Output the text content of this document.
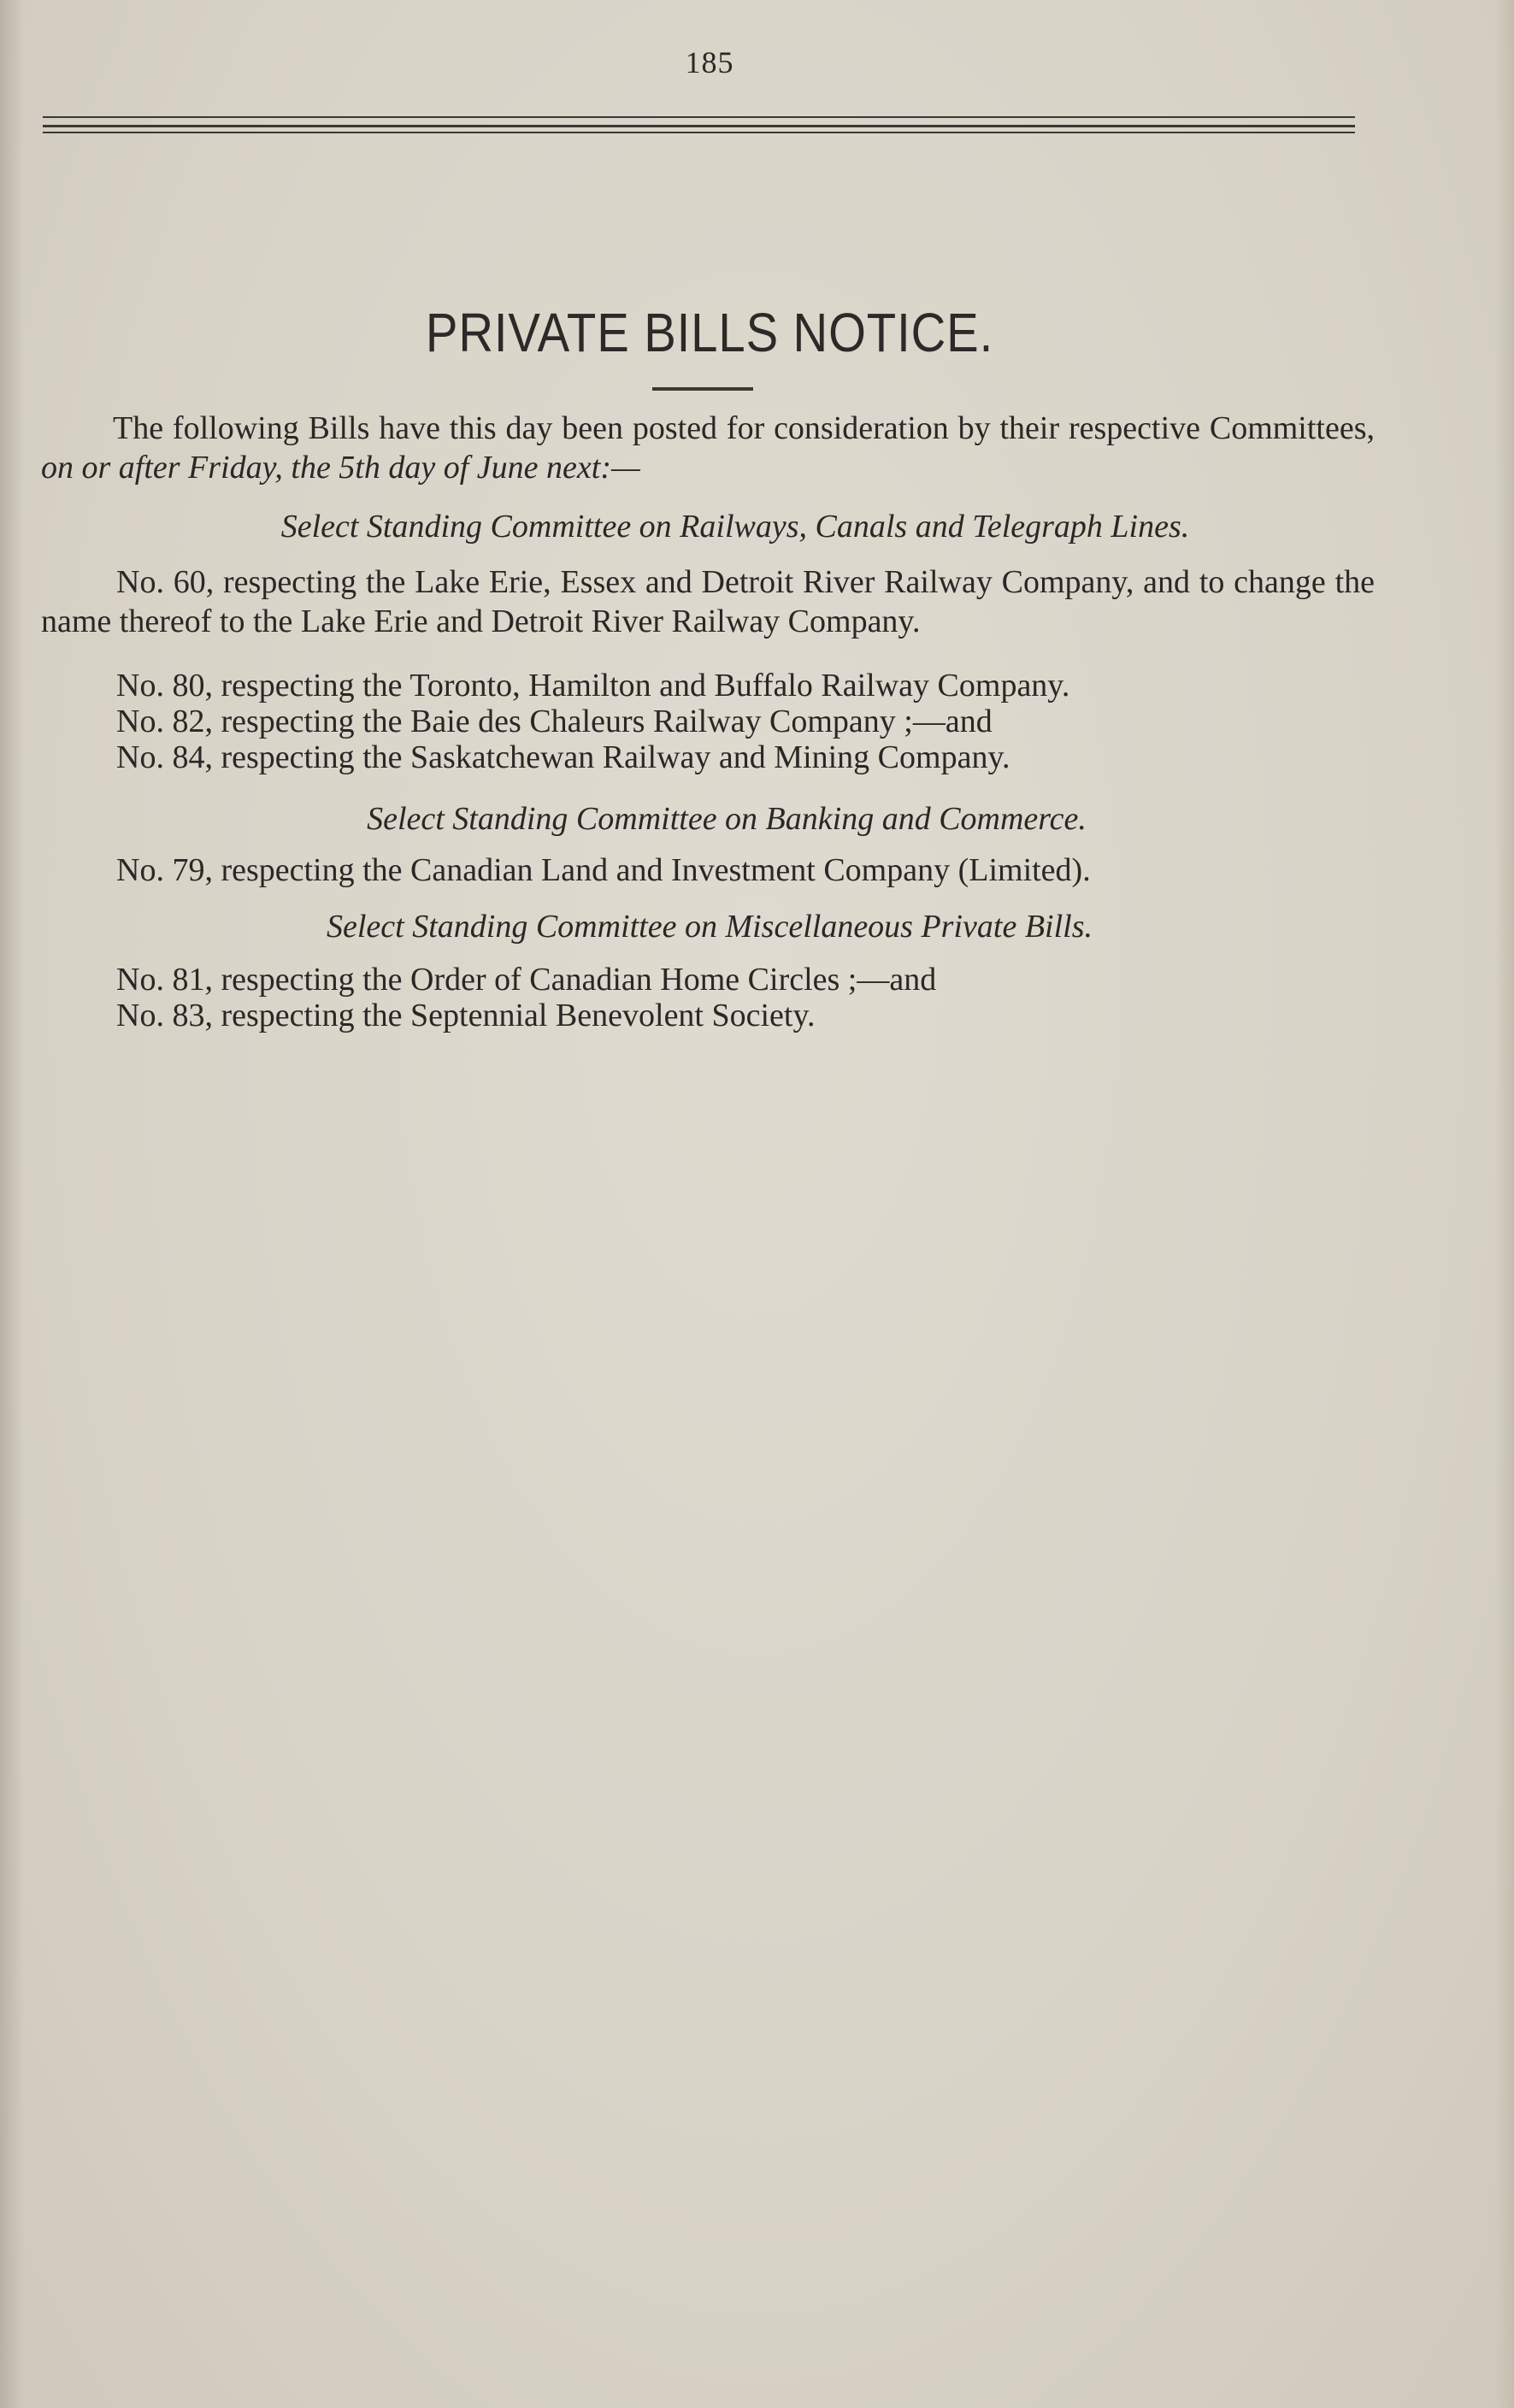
185
PRIVATE BILLS NOTICE.
The following Bills have this day been posted for consideration by their respective Committees, on or after Friday, the 5th day of June next:—
Select Standing Committee on Railways, Canals and Telegraph Lines.
No. 60, respecting the Lake Erie, Essex and Detroit River Railway Company, and to change the name thereof to the Lake Erie and Detroit River Railway Company.
No. 80, respecting the Toronto, Hamilton and Buffalo Railway Company.
No. 82, respecting the Baie des Chaleurs Railway Company ;—and
No. 84, respecting the Saskatchewan Railway and Mining Company.
Select Standing Committee on Banking and Commerce.
No. 79, respecting the Canadian Land and Investment Company (Limited).
Select Standing Committee on Miscellaneous Private Bills.
No. 81, respecting the Order of Canadian Home Circles ;—and
No. 83, respecting the Septennial Benevolent Society.
